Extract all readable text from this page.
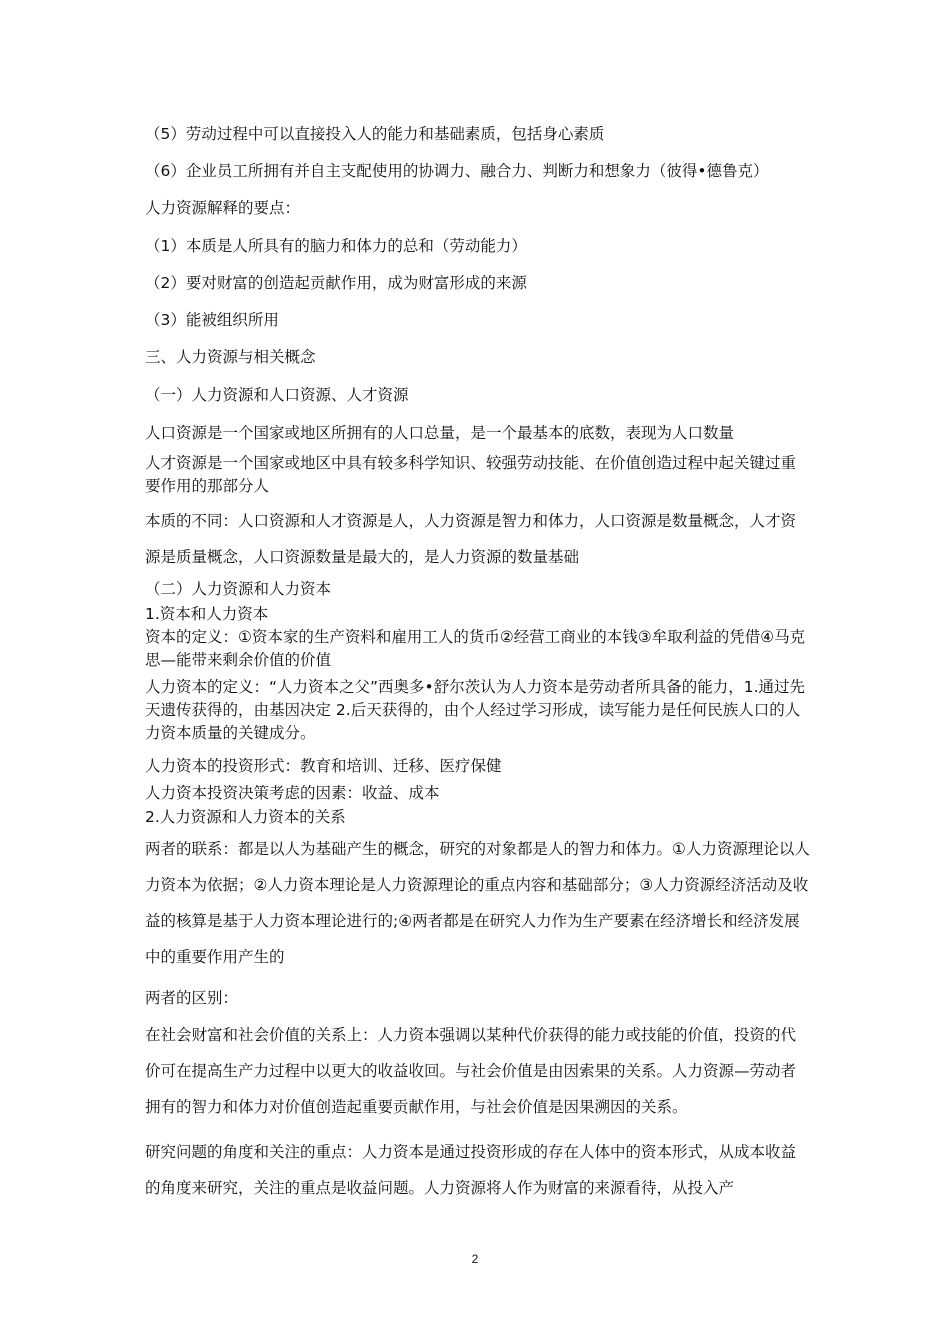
（5）劳动过程中可以直接投入人的能力和基础素质，包括身心素质
（6）企业员工所拥有并自主支配使用的协调力、融合力、判断力和想象力（彼得•德鲁克）
人力资源解释的要点：
（1）本质是人所具有的脑力和体力的总和（劳动能力）
（2）要对财富的创造起贡献作用，成为财富形成的来源
（3）能被组织所用
三、人力资源与相关概念
（一）人力资源和人口资源、人才资源
人口资源是一个国家或地区所拥有的人口总量，是一个最基本的底数，表现为人口数量
人才资源是一个国家或地区中具有较多科学知识、较强劳动技能、在价值创造过程中起关键过重要作用的那部分人
本质的不同：人口资源和人才资源是人，人力资源是智力和体力，人口资源是数量概念，人才资源是质量概念，人口资源数量是最大的，是人力资源的数量基础
（二）人力资源和人力资本
1.资本和人力资本
资本的定义：①资本家的生产资料和雇用工人的货币②经营工商业的本钱③牟取利益的凭借④马克思—能带来剩余价值的价值
人力资本的定义：“人力资本之父”西奥多•舒尔茨认为人力资本是劳动者所具备的能力，1.通过先天遗传获得的，由基因决定 2.后天获得的，由个人经过学习形成，读写能力是任何民族人口的人力资本质量的关键成分。
人力资本的投资形式：教育和培训、迁移、医疗保健
人力资本投资决策考虑的因素：收益、成本
2.人力资源和人力资本的关系
两者的联系：都是以人为基础产生的概念，研究的对象都是人的智力和体力。①人力资源理论以人力资本为依据；②人力资本理论是人力资源理论的重点内容和基础部分；③人力资源经济活动及收益的核算是基于人力资本理论进行的;④两者都是在研究人力作为生产要素在经济增长和经济发展中的重要作用产生的
两者的区别：
在社会财富和社会价值的关系上：人力资本强调以某种代价获得的能力或技能的价值，投资的代价可在提高生产力过程中以更大的收益收回。与社会价值是由因索果的关系。人力资源—劳动者拥有的智力和体力对价值创造起重要贡献作用，与社会价值是因果溯因的关系。
研究问题的角度和关注的重点：人力资本是通过投资形成的存在人体中的资本形式，从成本收益的角度来研究，关注的重点是收益问题。人力资源将人作为财富的来源看待，从投入产
2
